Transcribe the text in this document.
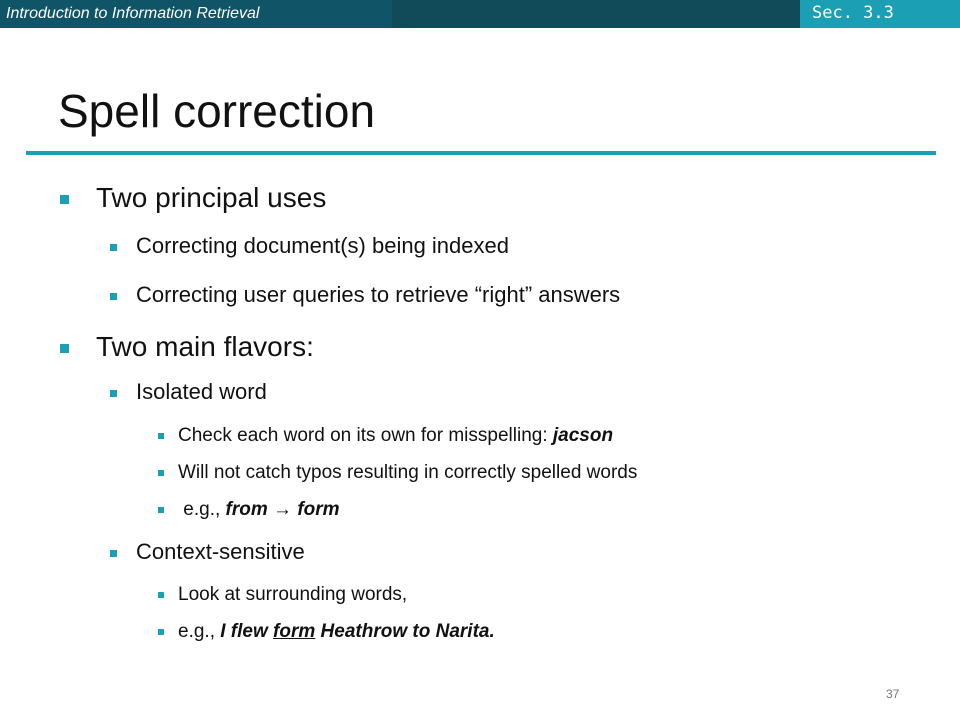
Introduction to Information Retrieval	Sec. 3.3
Spell correction
Two principal uses
Correcting document(s) being indexed
Correcting user queries to retrieve “right” answers
Two main flavors:
Isolated word
Check each word on its own for misspelling: jacson
Will not catch typos resulting in correctly spelled words
e.g., from → form
Context-sensitive
Look at surrounding words,
e.g., I flew form Heathrow to Narita.
37
